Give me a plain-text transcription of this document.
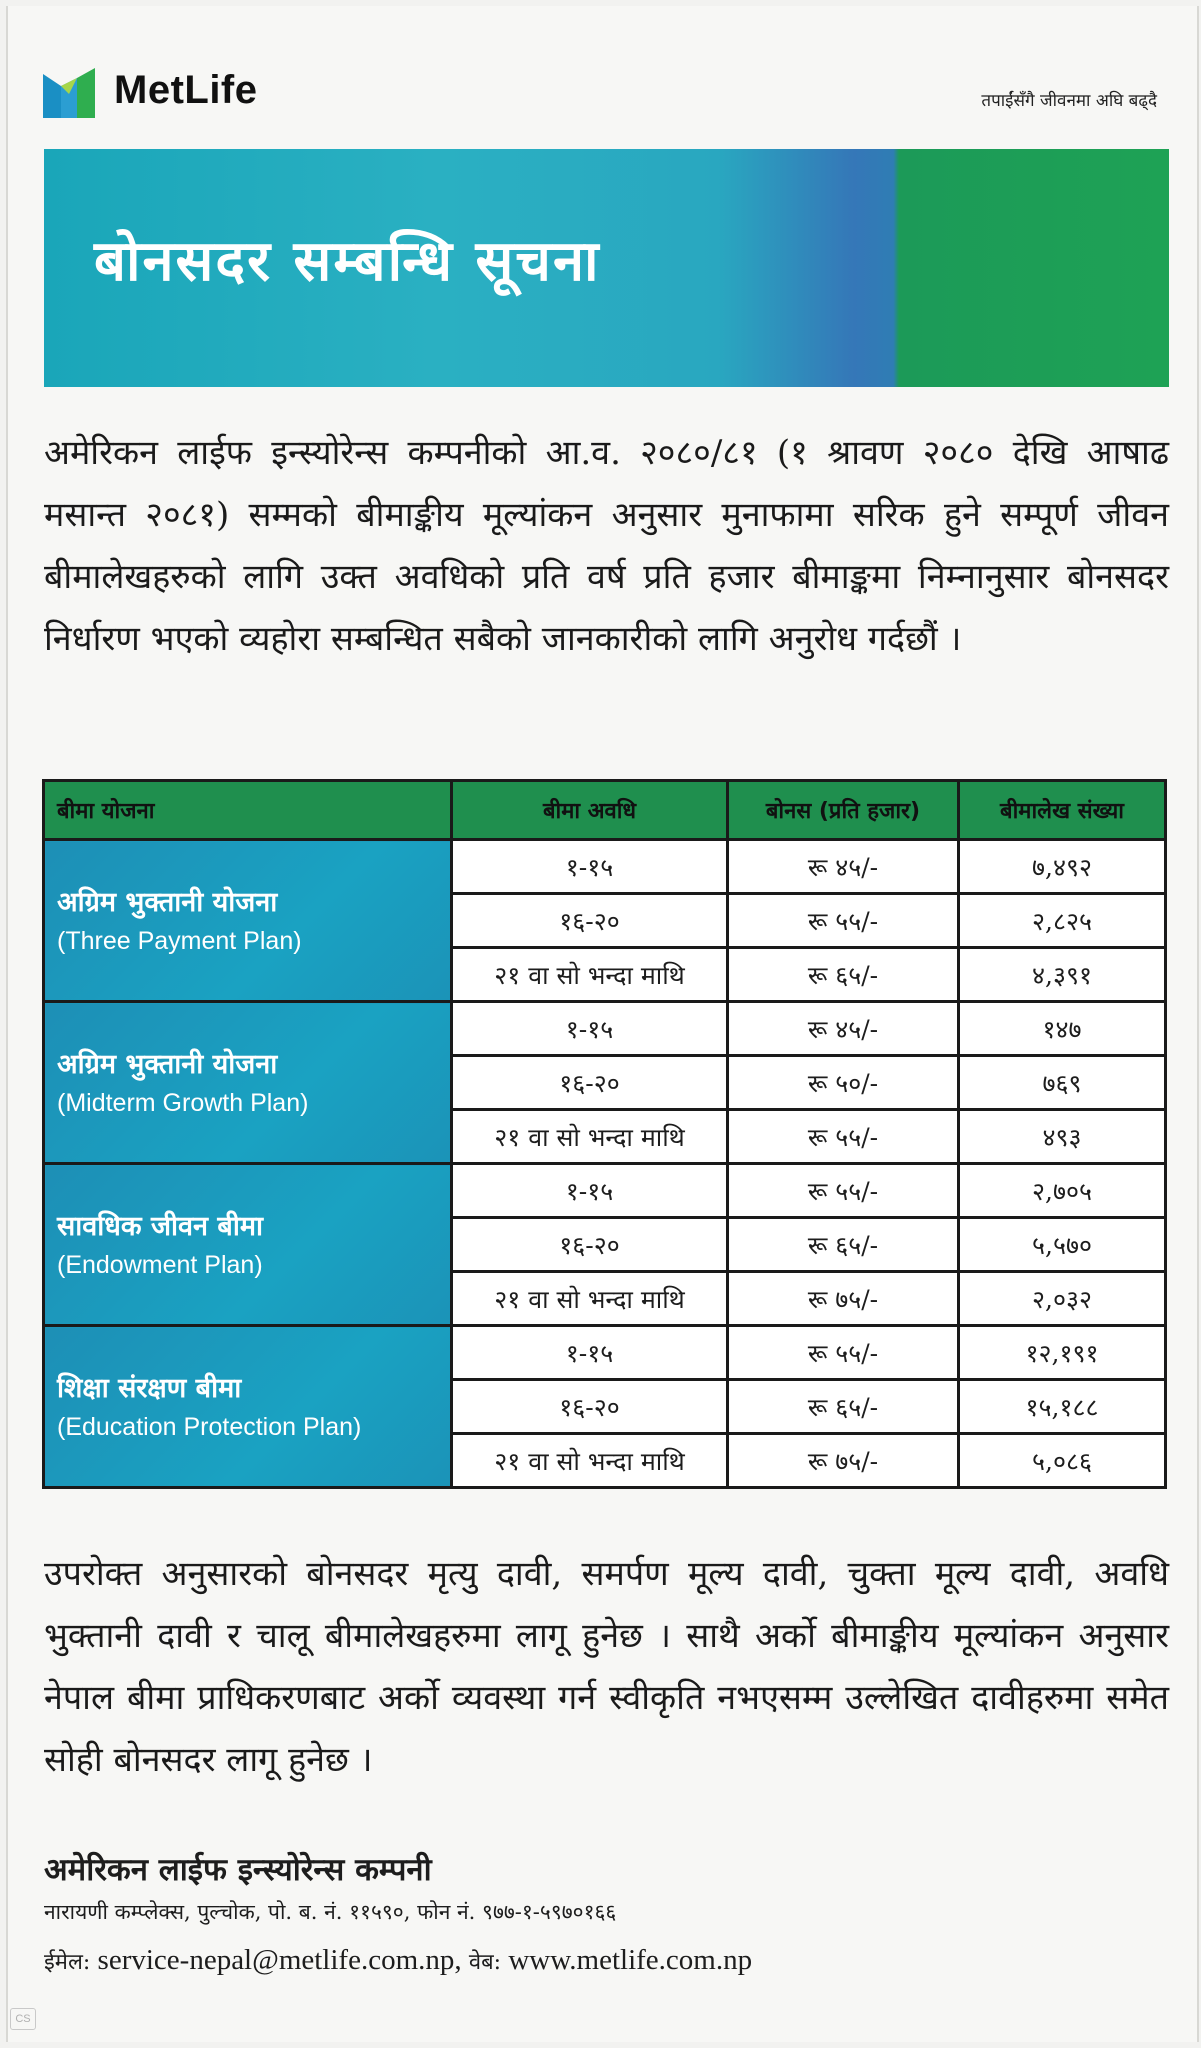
MetLife	तपाईंसँगै जीवनमा अघि बढ्दै
बोनसदर सम्बन्धि सूचना
अमेरिकन लाईफ इन्स्योरेन्स कम्पनीको आ.व. २०८०/८१ (१ श्रावण २०८० देखि आषाढ मसान्त २०८१) सम्मको बीमाङ्कीय मूल्यांकन अनुसार मुनाफामा सरिक हुने सम्पूर्ण जीवन बीमालेखहरुको लागि उक्त अवधिको प्रति वर्ष प्रति हजार बीमाङ्कमा निम्नानुसार बोनसदर निर्धारण भएको व्यहोरा सम्बन्धित सबैको जानकारीको लागि अनुरोध गर्दछौं ।
बीमा योजना	बीमा अवधि	बोनस (प्रति हजार)	बीमालेख संख्या

अग्रिम भुक्तानी योजना
(Three Payment Plan)	१-१५	रू ४५/-	७,४९२
	१६-२०	रू ५५/-	२,८२५
	२१ वा सो भन्दा माथि	रू ६५/-	४,३९१

अग्रिम भुक्तानी योजना
(Midterm Growth Plan)	१-१५	रू ४५/-	१४७
	१६-२०	रू ५०/-	७६९
	२१ वा सो भन्दा माथि	रू ५५/-	४९३

सावधिक जीवन बीमा
(Endowment Plan)	१-१५	रू ५५/-	२,७०५
	१६-२०	रू ६५/-	५,५७०
	२१ वा सो भन्दा माथि	रू ७५/-	२,०३२

शिक्षा संरक्षण बीमा
(Education Protection Plan)	१-१५	रू ५५/-	१२,१९१
	१६-२०	रू ६५/-	१५,१८८
	२१ वा सो भन्दा माथि	रू ७५/-	५,०८६
उपरोक्त अनुसारको बोनसदर मृत्यु दावी, समर्पण मूल्य दावी, चुक्ता मूल्य दावी, अवधि भुक्तानी दावी र चालू बीमालेखहरुमा लागू हुनेछ । साथै अर्को बीमाङ्कीय मूल्यांकन अनुसार नेपाल बीमा प्राधिकरणबाट अर्को व्यवस्था गर्न स्वीकृति नभएसम्म उल्लेखित दावीहरुमा समेत सोही बोनसदर लागू हुनेछ ।
अमेरिकन लाईफ इन्स्योरेन्स कम्पनी
नारायणी कम्प्लेक्स, पुल्चोक, पो. ब. नं. ११५९०, फोन नं. ९७७-१-५९७०१६६
ईमेल: service-nepal@metlife.com.np, वेब: www.metlife.com.np
CS
